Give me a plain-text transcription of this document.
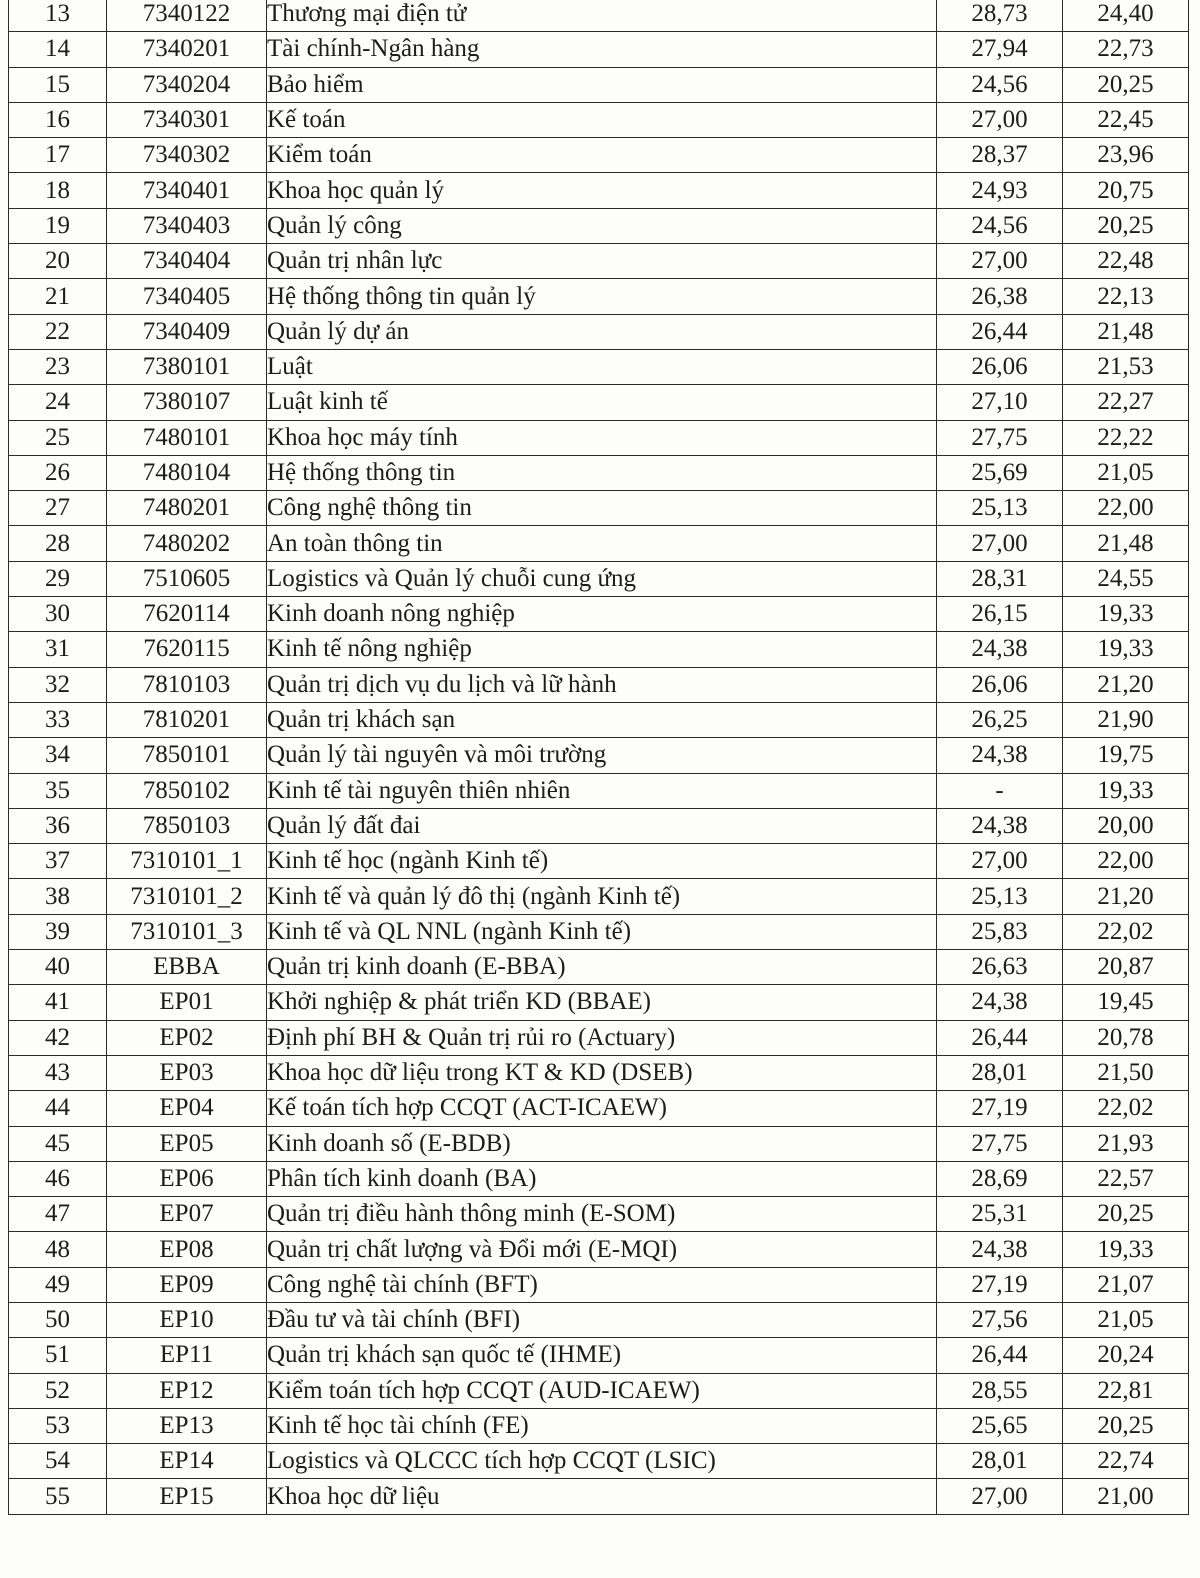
13	7340122	Thương mại điện tử	28,73	24,40
14	7340201	Tài chính-Ngân hàng	27,94	22,73
15	7340204	Bảo hiểm	24,56	20,25
16	7340301	Kế toán	27,00	22,45
17	7340302	Kiểm toán	28,37	23,96
18	7340401	Khoa học quản lý	24,93	20,75
19	7340403	Quản lý công	24,56	20,25
20	7340404	Quản trị nhân lực	27,00	22,48
21	7340405	Hệ thống thông tin quản lý	26,38	22,13
22	7340409	Quản lý dự án	26,44	21,48
23	7380101	Luật	26,06	21,53
24	7380107	Luật kinh tế	27,10	22,27
25	7480101	Khoa học máy tính	27,75	22,22
26	7480104	Hệ thống thông tin	25,69	21,05
27	7480201	Công nghệ thông tin	25,13	22,00
28	7480202	An toàn thông tin	27,00	21,48
29	7510605	Logistics và Quản lý chuỗi cung ứng	28,31	24,55
30	7620114	Kinh doanh nông nghiệp	26,15	19,33
31	7620115	Kinh tế nông nghiệp	24,38	19,33
32	7810103	Quản trị dịch vụ du lịch và lữ hành	26,06	21,20
33	7810201	Quản trị khách sạn	26,25	21,90
34	7850101	Quản lý tài nguyên và môi trường	24,38	19,75
35	7850102	Kinh tế tài nguyên thiên nhiên	-	19,33
36	7850103	Quản lý đất đai	24,38	20,00
37	7310101_1	Kinh tế học (ngành Kinh tế)	27,00	22,00
38	7310101_2	Kinh tế và quản lý đô thị (ngành Kinh tế)	25,13	21,20
39	7310101_3	Kinh tế và QL NNL (ngành Kinh tế)	25,83	22,02
40	EBBA	Quản trị kinh doanh (E-BBA)	26,63	20,87
41	EP01	Khởi nghiệp & phát triển KD (BBAE)	24,38	19,45
42	EP02	Định phí BH & Quản trị rủi ro (Actuary)	26,44	20,78
43	EP03	Khoa học dữ liệu trong KT & KD (DSEB)	28,01	21,50
44	EP04	Kế toán tích hợp CCQT (ACT-ICAEW)	27,19	22,02
45	EP05	Kinh doanh số (E-BDB)	27,75	21,93
46	EP06	Phân tích kinh doanh (BA)	28,69	22,57
47	EP07	Quản trị điều hành thông minh (E-SOM)	25,31	20,25
48	EP08	Quản trị chất lượng và Đổi mới (E-MQI)	24,38	19,33
49	EP09	Công nghệ tài chính (BFT)	27,19	21,07
50	EP10	Đầu tư và tài chính (BFI)	27,56	21,05
51	EP11	Quản trị khách sạn quốc tế (IHME)	26,44	20,24
52	EP12	Kiểm toán tích hợp CCQT (AUD-ICAEW)	28,55	22,81
53	EP13	Kinh tế học tài chính (FE)	25,65	20,25
54	EP14	Logistics và QLCCC tích hợp CCQT (LSIC)	28,01	22,74
55	EP15	Khoa học dữ liệu	27,00	21,00
